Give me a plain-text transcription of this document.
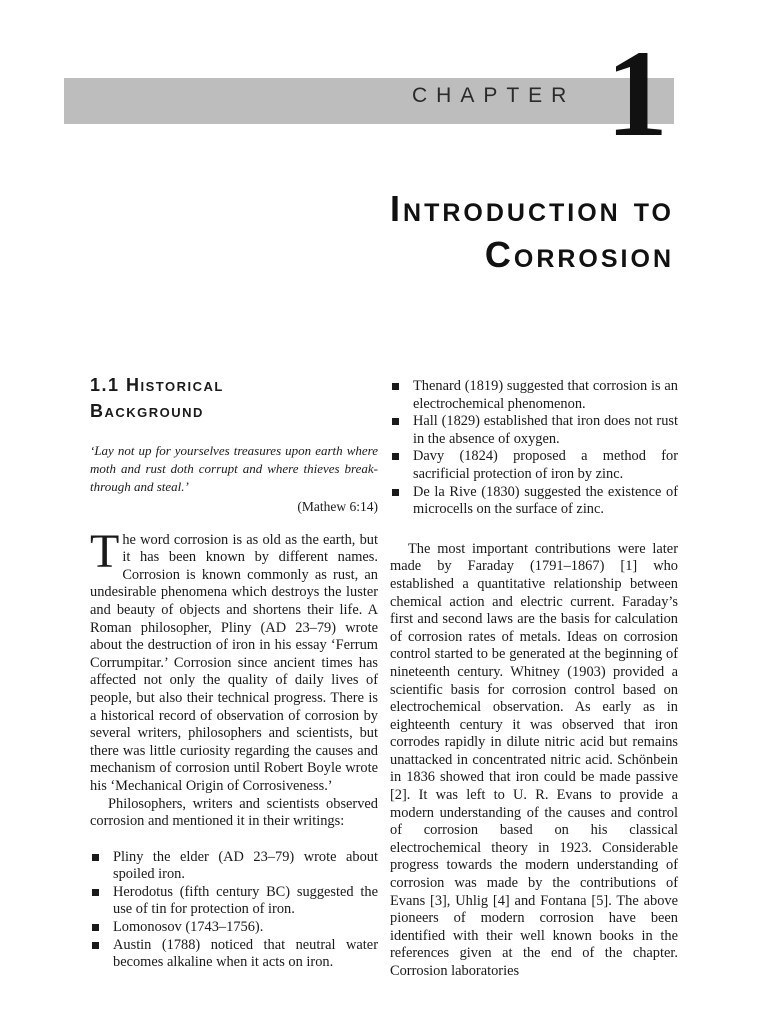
CHAPTER 1
Introduction to
Corrosion
1.1 Historical
Background

‘Lay not up for yourselves treasures upon earth where moth and rust doth corrupt and where thieves break-through and steal.’

(Mathew 6:14)

The word corrosion is as old as the earth, but it has been known by different names. Corrosion is known commonly as rust, an undesirable phenomena which destroys the luster and beauty of objects and shortens their life. A Roman philosopher, Pliny (AD 23–79) wrote about the destruction of iron in his essay ‘Ferrum Corrumpitar.’ Corrosion since ancient times has affected not only the quality of daily lives of people, but also their technical progress. There is a historical record of observation of corrosion by several writers, philosophers and scientists, but there was little curiosity regarding the causes and mechanism of corrosion until Robert Boyle wrote his ‘Mechanical Origin of Corrosiveness.’

Philosophers, writers and scientists observed corrosion and mentioned it in their writings:

Pliny the elder (AD 23–79) wrote about spoiled iron.
Herodotus (fifth century BC) suggested the use of tin for protection of iron.
Lomonosov (1743–1756).
Austin (1788) noticed that neutral water becomes alkaline when it acts on iron.
Thenard (1819) suggested that corrosion is an electrochemical phenomenon.
Hall (1829) established that iron does not rust in the absence of oxygen.
Davy (1824) proposed a method for sacrificial protection of iron by zinc.
De la Rive (1830) suggested the existence of microcells on the surface of zinc.

The most important contributions were later made by Faraday (1791–1867) [1] who established a quantitative relationship between chemical action and electric current. Faraday’s first and second laws are the basis for calculation of corrosion rates of metals. Ideas on corrosion control started to be generated at the beginning of nineteenth century. Whitney (1903) provided a scientific basis for corrosion control based on electrochemical observation. As early as in eighteenth century it was observed that iron corrodes rapidly in dilute nitric acid but remains unattacked in concentrated nitric acid. Schönbein in 1836 showed that iron could be made passive [2]. It was left to U. R. Evans to provide a modern understanding of the causes and control of corrosion based on his classical electrochemical theory in 1923. Considerable progress towards the modern understanding of corrosion was made by the contributions of Evans [3], Uhlig [4] and Fontana [5]. The above pioneers of modern corrosion have been identified with their well known books in the references given at the end of the chapter. Corrosion laboratories
